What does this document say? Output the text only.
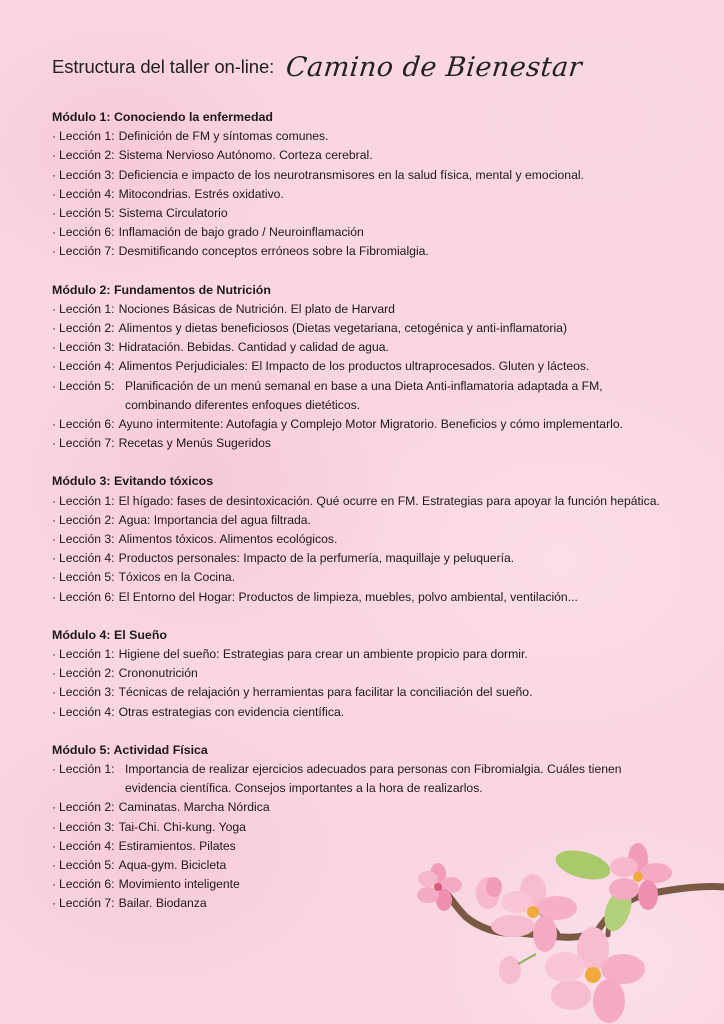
Estructura del taller on-line: Camino de Bienestar
Módulo 1: Conociendo la enfermedad
· Lección 1: Definición de FM y síntomas comunes.
· Lección 2: Sistema Nervioso Autónomo. Corteza cerebral.
· Lección 3: Deficiencia e impacto de los neurotransmisores en la salud física, mental y emocional.
· Lección 4: Mitocondrias. Estrés oxidativo.
· Lección 5: Sistema Circulatorio
· Lección 6: Inflamación de bajo grado / Neuroinflamación
· Lección 7: Desmitificando conceptos erróneos sobre la Fibromialgia.
Módulo 2: Fundamentos de Nutrición
· Lección 1: Nociones Básicas de Nutrición. El plato de Harvard
· Lección 2: Alimentos y dietas beneficiosos (Dietas vegetariana, cetogénica y anti-inflamatoria)
· Lección 3: Hidratación. Bebidas. Cantidad y calidad de agua.
· Lección 4: Alimentos Perjudiciales: El Impacto de los productos ultraprocesados. Gluten y lácteos.
· Lección 5: Planificación de un menú semanal en base a una Dieta Anti-inflamatoria adaptada a FM,
combinando diferentes enfoques dietéticos.
· Lección 6: Ayuno intermitente: Autofagia y Complejo Motor Migratorio. Beneficios y cómo implementarlo.
· Lección 7: Recetas y Menús Sugeridos
Módulo 3: Evitando tóxicos
· Lección 1: El hígado: fases de desintoxicación. Qué ocurre en FM. Estrategias para apoyar la función hepática.
· Lección 2: Agua: Importancia del agua filtrada.
· Lección 3: Alimentos tóxicos. Alimentos ecológicos.
· Lección 4: Productos personales: Impacto de la perfumería, maquillaje y peluquería.
· Lección 5: Tóxicos en la Cocina.
· Lección 6: El Entorno del Hogar: Productos de limpieza, muebles, polvo ambiental, ventilación...
Módulo 4: El Sueño
· Lección 1: Higiene del sueño: Estrategias para crear un ambiente propicio para dormir.
· Lección 2: Crononutrición
· Lección 3: Técnicas de relajación y herramientas para facilitar la conciliación del sueño.
· Lección 4: Otras estrategias con evidencia científica.
Módulo 5: Actividad Física
· Lección 1: Importancia de realizar ejercicios adecuados para personas con Fibromialgia. Cuáles tienen
evidencia científica. Consejos importantes a la hora de realizarlos.
· Lección 2: Caminatas. Marcha Nórdica
· Lección 3: Tai-Chi. Chi-kung. Yoga
· Lección 4: Estiramientos. Pilates
· Lección 5: Aqua-gym. Bicicleta
· Lección 6: Movimiento inteligente
· Lección 7: Bailar. Biodanza
